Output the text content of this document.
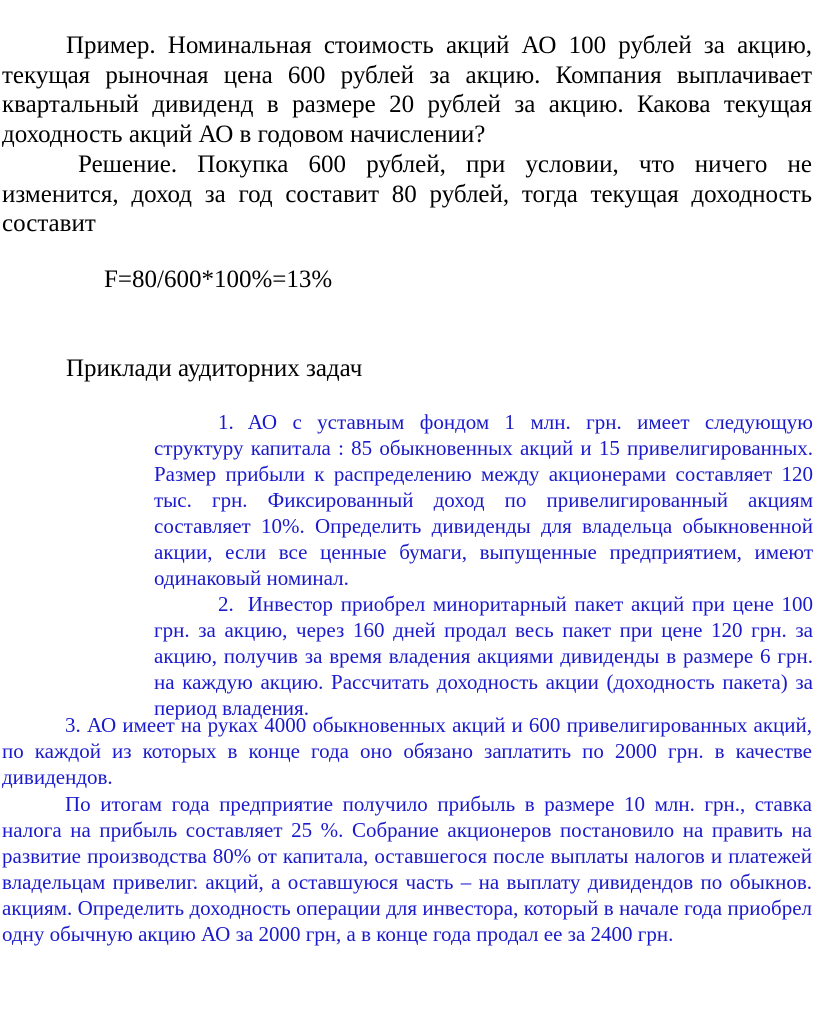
Пример. Номинальная стоимость акций АО 100 рублей за акцию, текущая рыночная цена 600 рублей за акцию. Компания выплачивает квартальный дивиденд в размере 20 рублей за акцию. Какова текущая доходность акций АО в годовом начислении?

Решение. Покупка 600 рублей, при условии, что ничего не изменится, доход за год составит 80 рублей, тогда текущая доходность составит

F=80/600*100%=13%

Приклади аудиторних задач

1. АО с уставным фондом 1 млн. грн. имеет следующую структуру капитала : 85 обыкновенных акций и 15 привелигированных. Размер прибыли к распределению между акционерами составляет 120 тыс. грн. Фиксированный доход по привелигированный акциям составляет 10%. Определить дивиденды для владельца обыкновенной акции, если все ценные бумаги, выпущенные предприятием, имеют одинаковый номинал.

2. Инвестор приобрел миноритарный пакет акций при цене 100 грн. за акцию, через 160 дней продал весь пакет при цене 120 грн. за акцию, получив за время владения акциями дивиденды в размере 6 грн. на каждую акцию. Рассчитать доходность акции (доходность пакета) за период владения.

3. АО имеет на руках 4000 обыкновенных акций и 600 привелигированных акций, по каждой из которых в конце года оно обязано заплатить по 2000 грн. в качестве дивидендов.

По итогам года предприятие получило прибыль в размере 10 млн. грн., ставка налога на прибыль составляет 25 %. Собрание акционеров постановило на править на развитие производства 80% от капитала, оставшегося после выплаты налогов и платежей владельцам привелиг. акций, а оставшуюся часть – на выплату дивидендов по обыкнов. акциям. Определить доходность операции для инвестора, который в начале года приобрел одну обычную акцию АО за 2000 грн, а в конце года продал ее за 2400 грн.
